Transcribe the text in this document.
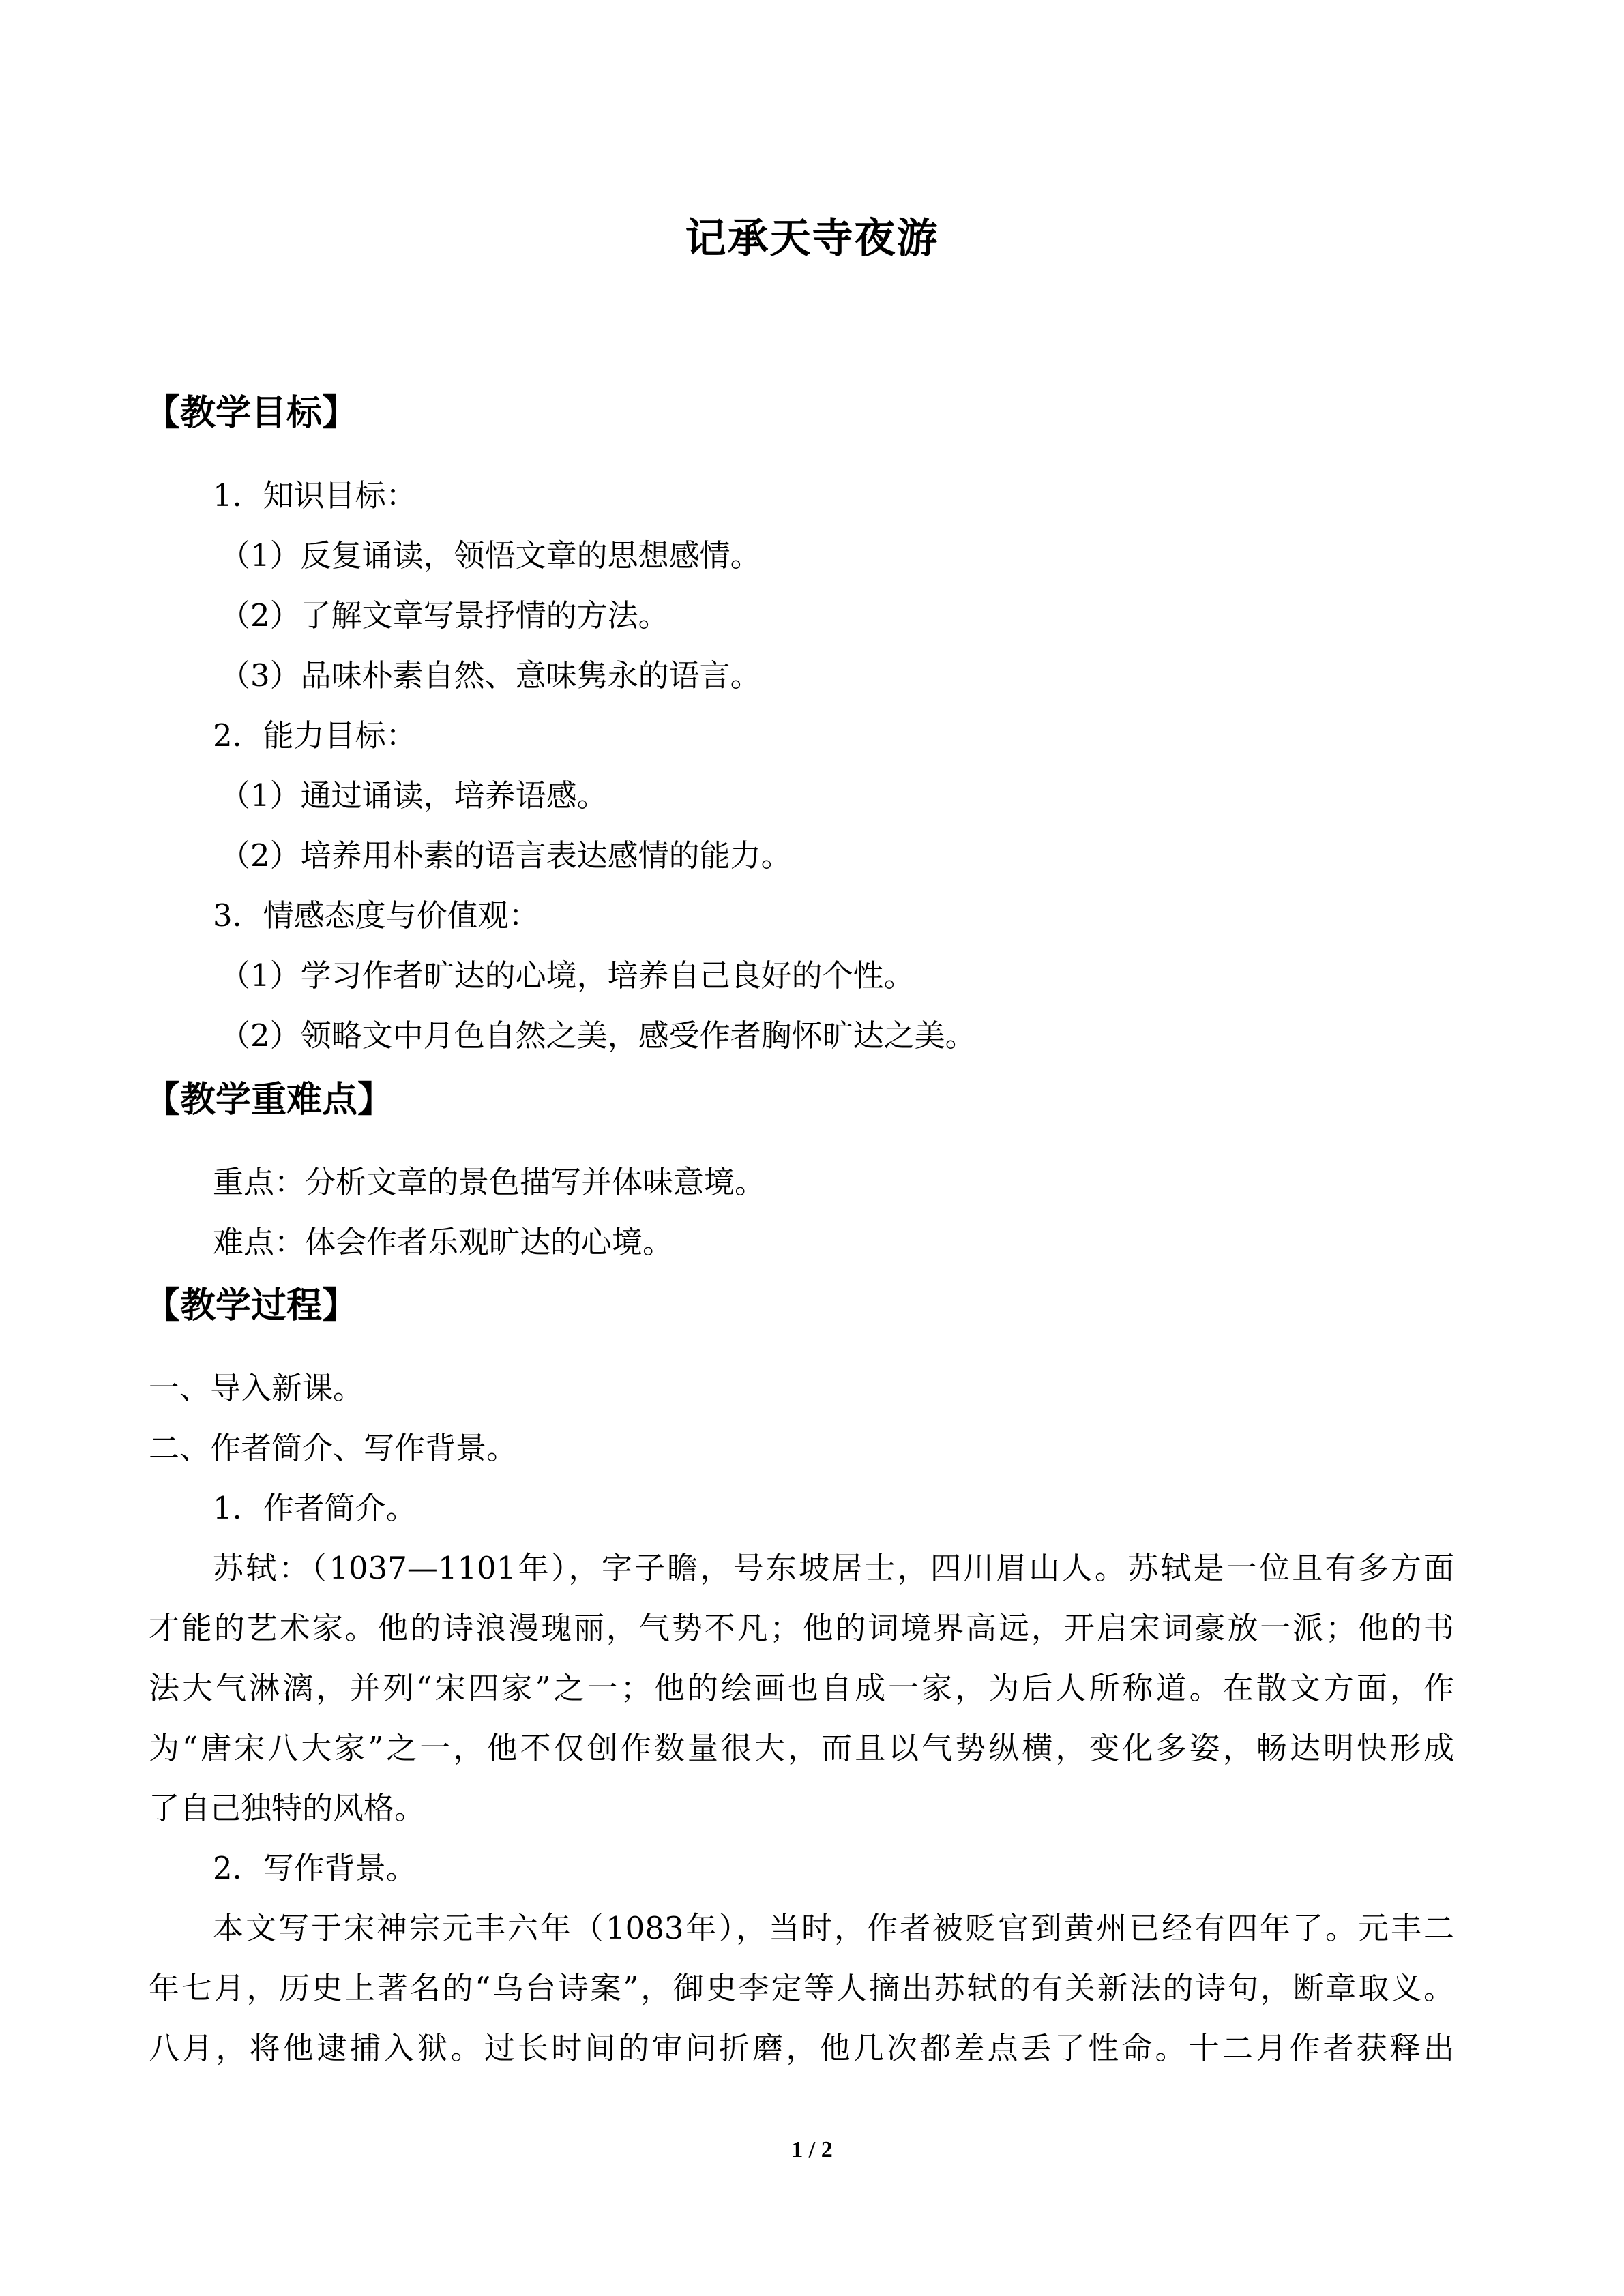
记承天寺夜游
【教学目标】
1．知识目标：
（1）反复诵读，领悟文章的思想感情。
（2）了解文章写景抒情的方法。
（3）品味朴素自然、意味隽永的语言。
2．能力目标：
（1）通过诵读，培养语感。
（2）培养用朴素的语言表达感情的能力。
3．情感态度与价值观：
（1）学习作者旷达的心境，培养自己良好的个性。
（2）领略文中月色自然之美，感受作者胸怀旷达之美。
【教学重难点】
重点：分析文章的景色描写并体味意境。
难点：体会作者乐观旷达的心境。
【教学过程】
一、导入新课。
二、作者简介、写作背景。
1．作者简介。
苏轼：（1037—1101年），字子瞻，号东坡居士，四川眉山人。苏轼是一位且有多方面
才能的艺术家。他的诗浪漫瑰丽，气势不凡；他的词境界高远，开启宋词豪放一派；他的书
法大气淋漓，并列“宋四家”之一；他的绘画也自成一家，为后人所称道。在散文方面，作
为“唐宋八大家”之一，他不仅创作数量很大，而且以气势纵横，变化多姿，畅达明快形成
了自己独特的风格。
2．写作背景。
本文写于宋神宗元丰六年（1083年），当时，作者被贬官到黄州已经有四年了。元丰二
年七月，历史上著名的“乌台诗案”，御史李定等人摘出苏轼的有关新法的诗句，断章取义。
八月，将他逮捕入狱。过长时间的审问折磨，他几次都差点丢了性命。十二月作者获释出
1 / 2
